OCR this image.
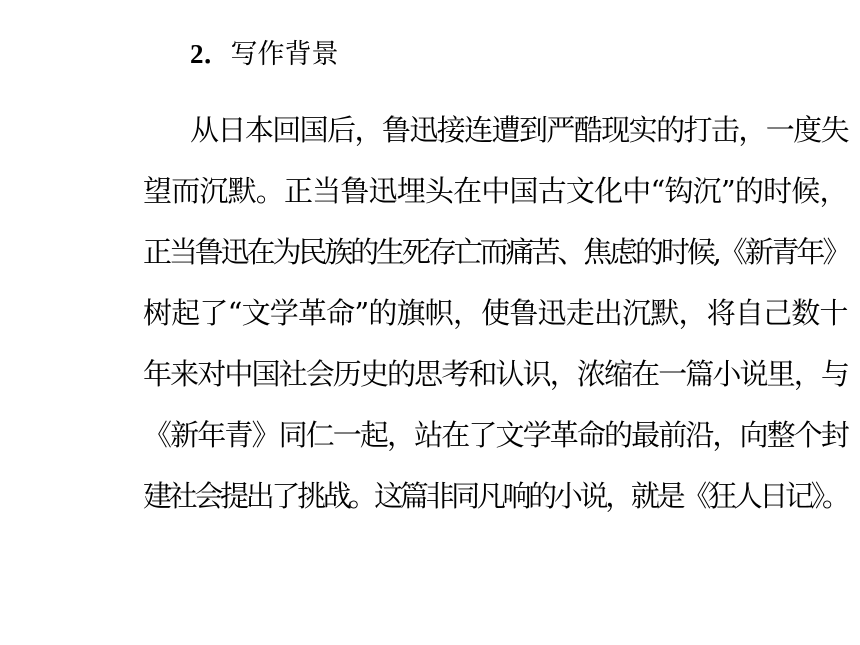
2．写作背景
从日本回国后，鲁迅接连遭到严酷现实的打击，一度失
望而沉默。正当鲁迅埋头在中国古文化中“钩沉”的时候，
正当鲁迅在为民族的生死存亡而痛苦、焦虑的时候,《新青年》
树起了“文学革命”的旗帜，使鲁迅走出沉默，将自己数十
年来对中国社会历史的思考和认识，浓缩在一篇小说里，与
《新年青》同仁一起，站在了文学革命的最前沿，向整个封
建社会提出了挑战。这篇非同凡响的小说，就是《狂人日记》。
